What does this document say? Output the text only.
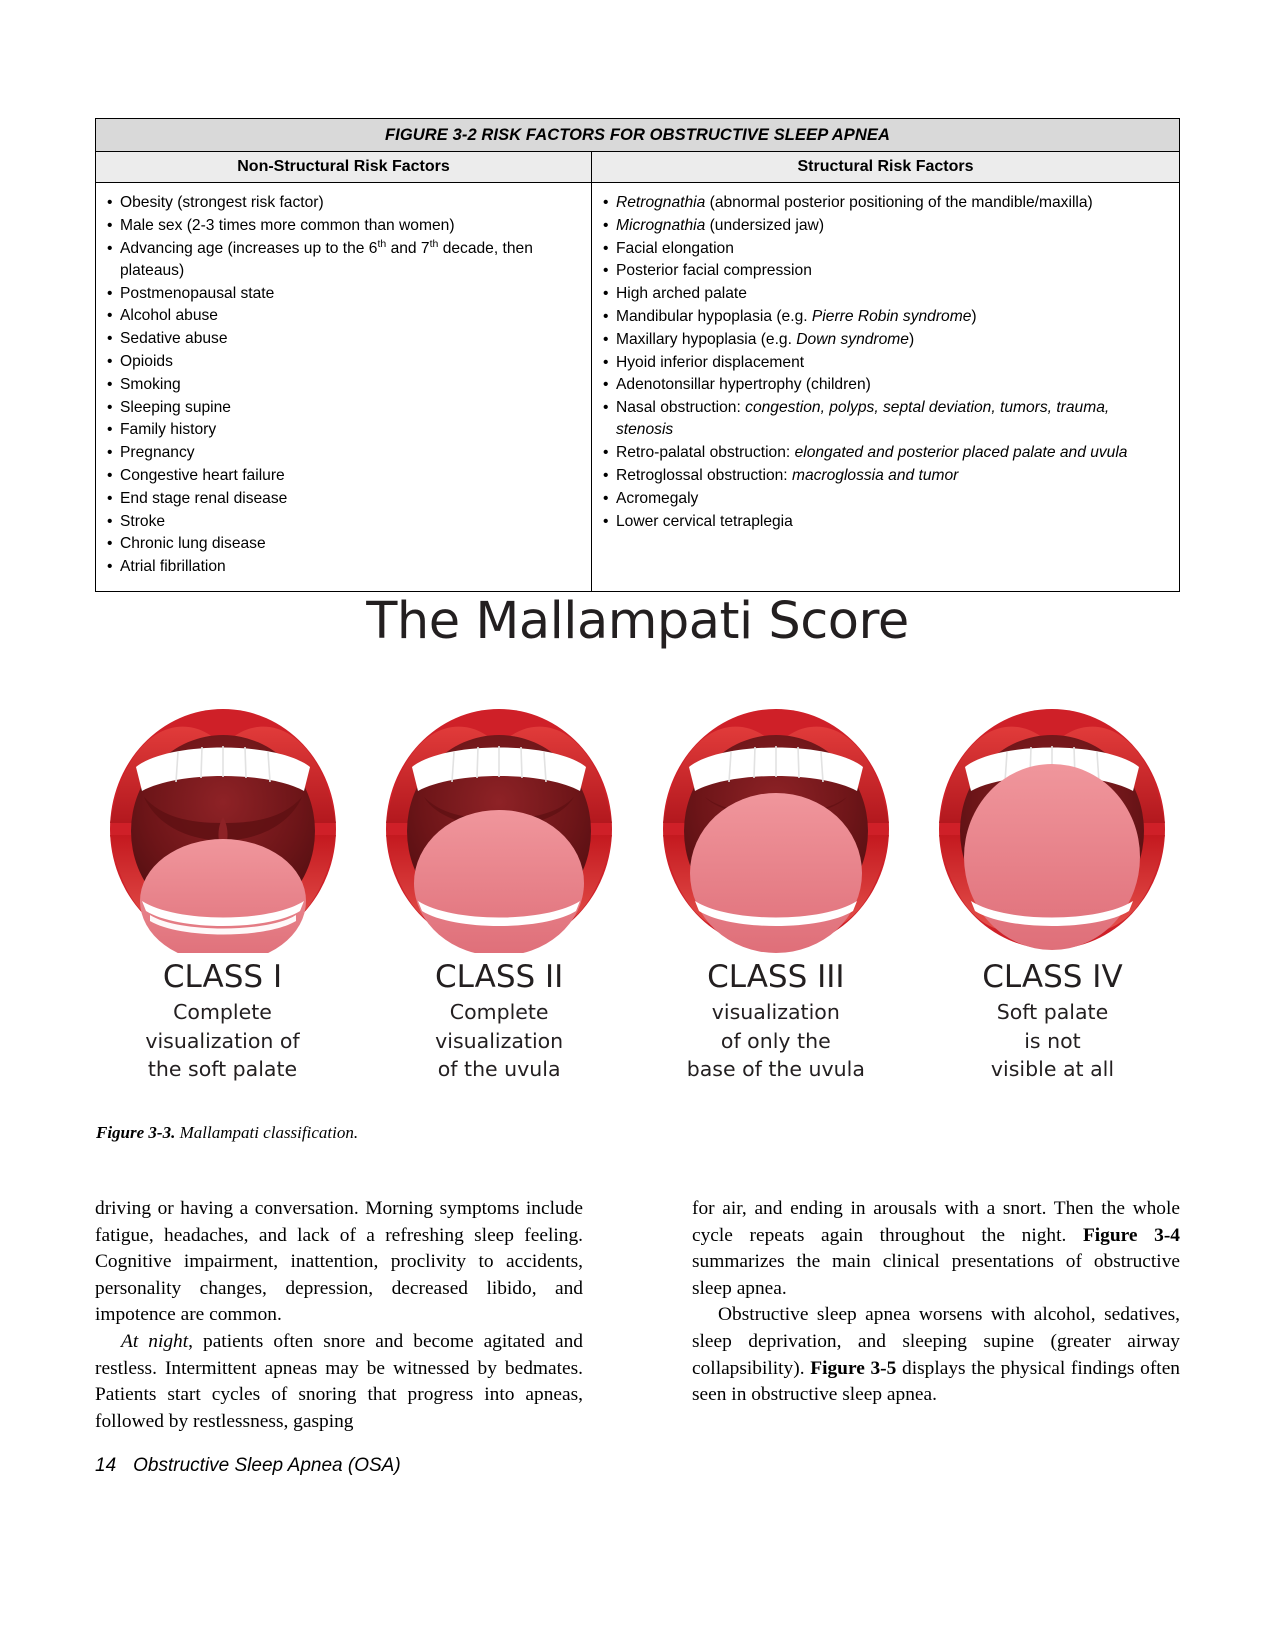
FIGURE 3-2 RISK FACTORS FOR OBSTRUCTIVE SLEEP APNEA
Non-Structural Risk Factors	Structural Risk Factors
• Obesity (strongest risk factor)
• Male sex (2-3 times more common than women)
• Advancing age (increases up to the 6th and 7th decade, then plateaus)
• Postmenopausal state
• Alcohol abuse
• Sedative abuse
• Opioids
• Smoking
• Sleeping supine
• Family history
• Pregnancy
• Congestive heart failure
• End stage renal disease
• Stroke
• Chronic lung disease
• Atrial fibrillation
• Retrognathia (abnormal posterior positioning of the mandible/maxilla)
• Micrognathia (undersized jaw)
• Facial elongation
• Posterior facial compression
• High arched palate
• Mandibular hypoplasia (e.g. Pierre Robin syndrome)
• Maxillary hypoplasia (e.g. Down syndrome)
• Hyoid inferior displacement
• Adenotonsillar hypertrophy (children)
• Nasal obstruction: congestion, polyps, septal deviation, tumors, trauma, stenosis
• Retro-palatal obstruction: elongated and posterior placed palate and uvula
• Retroglossal obstruction: macroglossia and tumor
• Acromegaly
• Lower cervical tetraplegia
The Mallampati Score
CLASS I
Complete
visualization of
the soft palate
CLASS II
Complete
visualization
of the uvula
CLASS III
visualization
of only the
base of the uvula
CLASS IV
Soft palate
is not
visible at all
Figure 3-3. Mallampati classification.

driving or having a conversation. Morning symptoms include fatigue, headaches, and lack of a refreshing sleep feeling. Cognitive impairment, inattention, proclivity to accidents, personality changes, depression, decreased libido, and impotence are common.

At night, patients often snore and become agitated and restless. Intermittent apneas may be witnessed by bedmates. Patients start cycles of snoring that progress into apneas, followed by restlessness, gasping

for air, and ending in arousals with a snort. Then the whole cycle repeats again throughout the night. Figure 3-4 summarizes the main clinical presentations of obstructive sleep apnea.

Obstructive sleep apnea worsens with alcohol, sedatives, sleep deprivation, and sleeping supine (greater airway collapsibility). Figure 3-5 displays the physical findings often seen in obstructive sleep apnea.

14 Obstructive Sleep Apnea (OSA)
